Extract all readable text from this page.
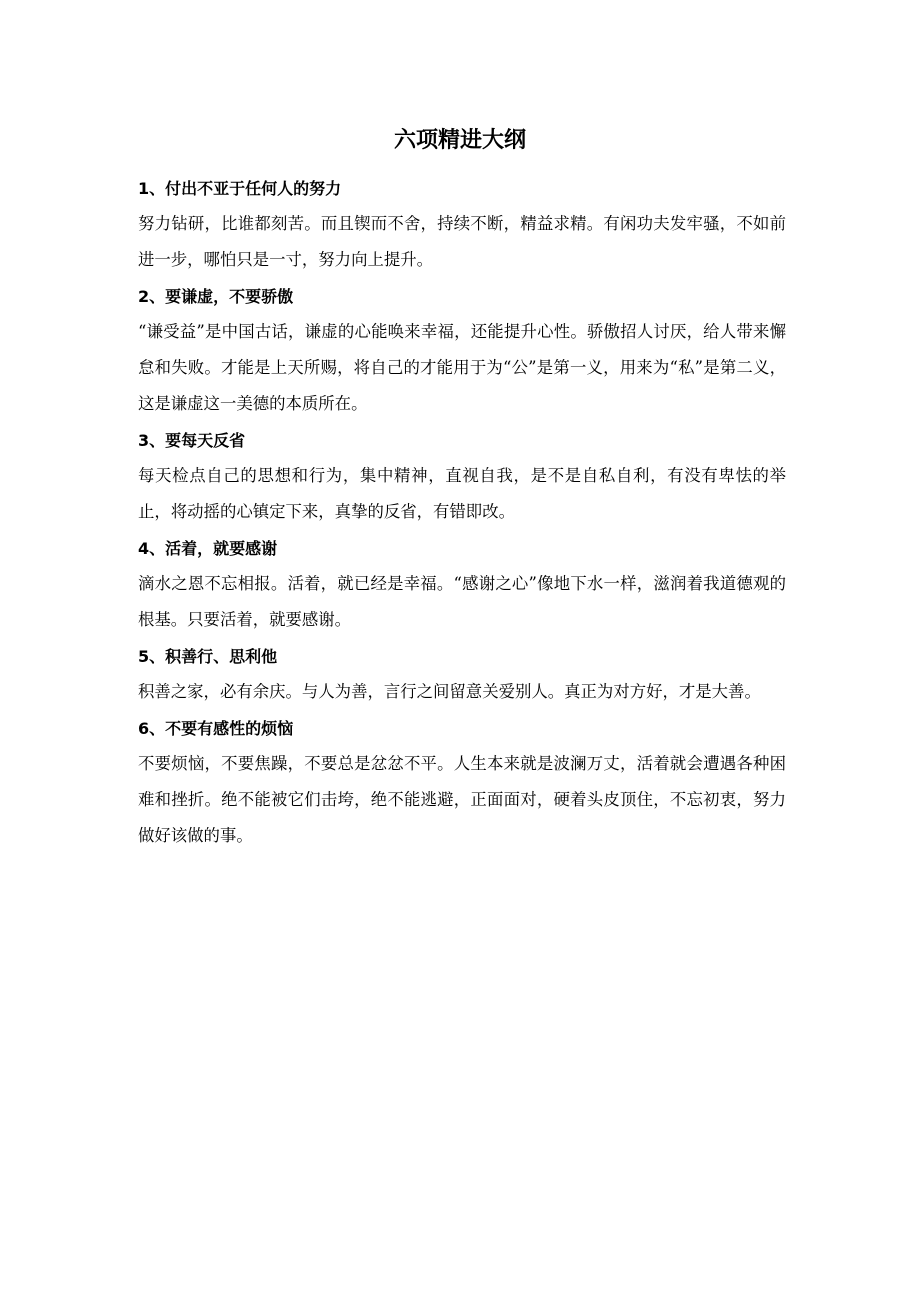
六项精进大纲
1、付出不亚于任何人的努力

努力钻研，比谁都刻苦。而且锲而不舍，持续不断，精益求精。有闲功夫发牢骚，不如前进一步，哪怕只是一寸，努力向上提升。

2、要谦虚，不要骄傲

“谦受益”是中国古话，谦虚的心能唤来幸福，还能提升心性。骄傲招人讨厌，给人带来懈怠和失败。才能是上天所赐，将自己的才能用于为“公”是第一义，用来为“私”是第二义，这是谦虚这一美德的本质所在。

3、要每天反省

每天检点自己的思想和行为，集中精神，直视自我，是不是自私自利，有没有卑怯的举止，将动摇的心镇定下来，真挚的反省，有错即改。

4、活着，就要感谢

滴水之恩不忘相报。活着，就已经是幸福。“感谢之心”像地下水一样，滋润着我道德观的根基。只要活着，就要感谢。

5、积善行、思利他

积善之家，必有余庆。与人为善，言行之间留意关爱别人。真正为对方好，才是大善。

6、不要有感性的烦恼

不要烦恼，不要焦躁，不要总是忿忿不平。人生本来就是波澜万丈，活着就会遭遇各种困难和挫折。绝不能被它们击垮，绝不能逃避，正面面对，硬着头皮顶住，不忘初衷，努力做好该做的事。
